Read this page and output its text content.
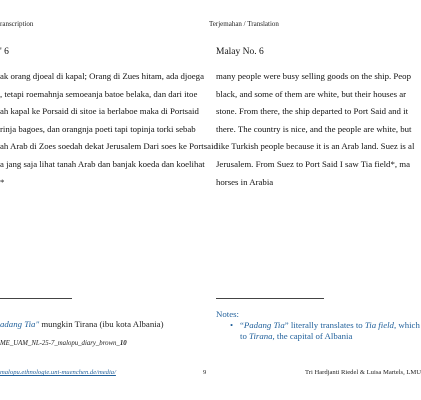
ranscription	Terjemahan / Translation
' 6	Malay No. 6
ak orang djoeal di kapal; Orang di Zues hitam, ada djoega
, tetapi roemahnja semoeanja batoe belaka, dan dari itoe
ah kapal ke Porsaid di sitoe ia berlaboe maka di Portsaid
rinja bagoes, dan orangnja poeti tapi topinja torki sebab
ah Arab di Zoes soedah dekat Jerusalem Dari soes ke Portsaid
a jang saja lihat tanah Arab dan banjak koeda dan koelihat
*
many people were busy selling goods on the ship. Peop
black, and some of them are white, but their houses ar
stone. From there, the ship departed to Port Said and it
there. The country is nice, and the people are white, but
like Turkish people because it is an Arab land. Suez is al
Jerusalem. From Suez to Port Said I saw Tia field*, ma
horses in Arabia
adang Tia" mungkin Tirana (ibu kota Albania)
ME_UAM_NL-25-7_malopu_diary_brown_10
Notes:
• “Padang Tia” literally translates to Tia field, which
to Tirana, the capital of Albania
malopu.ethnologie.uni-muenchen.de/media/	9	Tri Hardjanti Riedel & Luisa Martels, LMU
